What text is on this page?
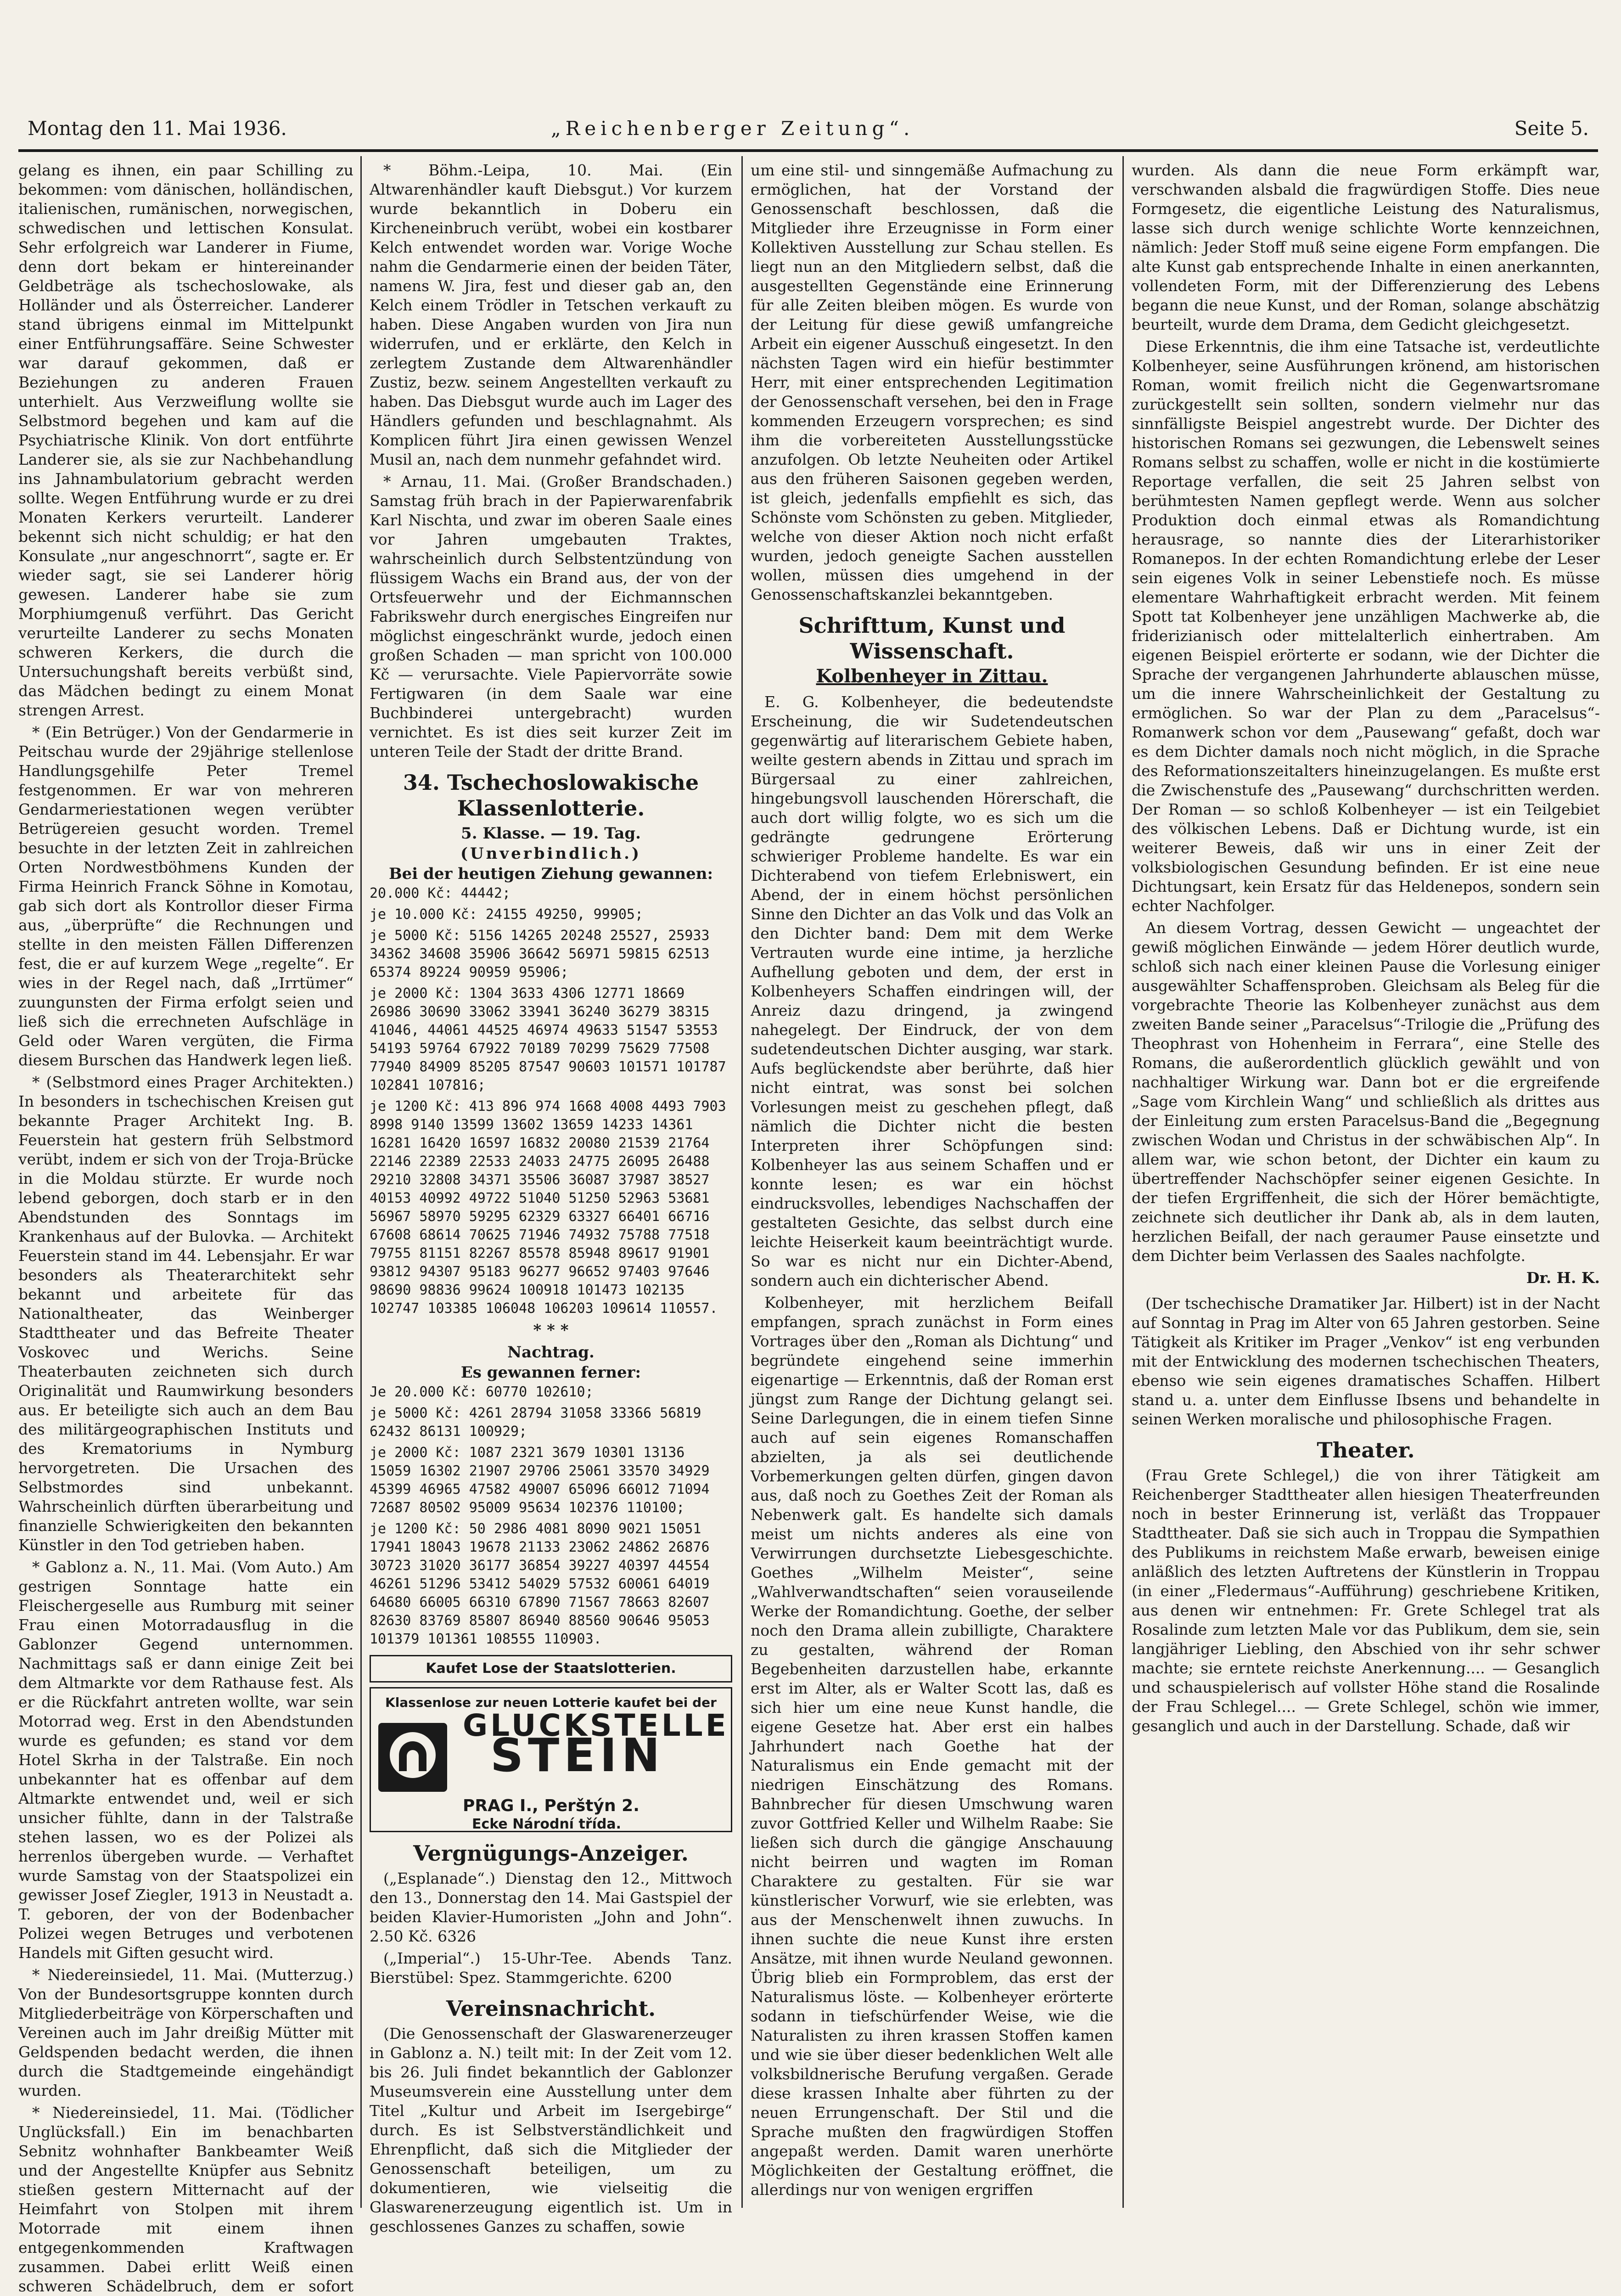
Montag den 11. Mai 1936.	„Reichenberger Zeitung“.	Seite 5.

gelang es ihnen, ein paar Schilling zu bekommen: vom dänischen, holländischen, italienischen, rumänischen, norwegischen, schwedischen und lettischen Konsulat. Sehr erfolgreich war Landerer in Fiume, denn dort bekam er hintereinander Geldbeträge als tschechoslowake, als Holländer und als Österreicher. Landerer stand übrigens einmal im Mittelpunkt einer Entführungsaffäre. Seine Schwester war darauf gekommen, daß er Beziehungen zu anderen Frauen unterhielt. Aus Verzweiflung wollte sie Selbstmord begehen und kam auf die Psychiatrische Klinik. Von dort entführte Landerer sie, als sie zur Nachbehandlung ins Jahnambulatorium gebracht werden sollte. Wegen Entführung wurde er zu drei Monaten Kerkers verurteilt. Landerer bekennt sich nicht schuldig; er hat den Konsulate „nur angeschnorrt“, sagte er. Er wieder sagt, sie sei Landerer hörig gewesen. Landerer habe sie zum Morphiumgenuß verführt. Das Gericht verurteilte Landerer zu sechs Monaten schweren Kerkers, die durch die Untersuchungshaft bereits verbüßt sind, das Mädchen bedingt zu einem Monat strengen Arrest.

* (Ein Betrüger.) Von der Gendarmerie in Peitschau wurde der 29jährige stellenlose Handlungsgehilfe Peter Tremel festgenommen. Er war von mehreren Gendarmeriestationen wegen verübter Betrügereien gesucht worden. Tremel besuchte in der letzten Zeit in zahlreichen Orten Nordwestböhmens Kunden der Firma Heinrich Franck Söhne in Komotau, gab sich dort als Kontrollor dieser Firma aus, „überprüfte“ die Rechnungen und stellte in den meisten Fällen Differenzen fest, die er auf kurzem Wege „regelte“. Er wies in der Regel nach, daß „Irrtümer“ zuungunsten der Firma erfolgt seien und ließ sich die errechneten Aufschläge in Geld oder Waren vergüten, die Firma diesem Burschen das Handwerk legen ließ.

* (Selbstmord eines Prager Architekten.) In besonders in tschechischen Kreisen gut bekannte Prager Architekt Ing. B. Feuerstein hat gestern früh Selbstmord verübt, indem er sich von der Troja-Brücke in die Moldau stürzte. Er wurde noch lebend geborgen, doch starb er in den Abendstunden des Sonntags im Krankenhaus auf der Bulovka. — Architekt Feuerstein stand im 44. Lebensjahr. Er war besonders als Theaterarchitekt sehr bekannt und arbeitete für das Nationaltheater, das Weinberger Stadttheater und das Befreite Theater Voskovec und Werichs. Seine Theaterbauten zeichneten sich durch Originalität und Raumwirkung besonders aus. Er beteiligte sich auch an dem Bau des militärgeographischen Instituts und des Krematoriums in Nymburg hervorgetreten. Die Ursachen des Selbstmordes sind unbekannt. Wahrscheinlich dürften überarbeitung und finanzielle Schwierigkeiten den bekannten Künstler in den Tod getrieben haben.

* Gablonz a. N., 11. Mai. (Vom Auto.) Am gestrigen Sonntage hatte ein Fleischergeselle aus Rumburg mit seiner Frau einen Motorradausflug in die Gablonzer Gegend unternommen. Nachmittags saß er dann einige Zeit bei dem Altmarkte vor dem Rathause fest. Als er die Rückfahrt antreten wollte, war sein Motorrad weg. Erst in den Abendstunden wurde es gefunden; es stand vor dem Hotel Skrha in der Talstraße. Ein noch unbekannter hat es offenbar auf dem Altmarkte entwendet und, weil er sich unsicher fühlte, dann in der Talstraße stehen lassen, wo es der Polizei als herrenlos übergeben wurde. — Verhaftet wurde Samstag von der Staatspolizei ein gewisser Josef Ziegler, 1913 in Neustadt a. T. geboren, der von der Bodenbacher Polizei wegen Betruges und verbotenen Handels mit Giften gesucht wird.

* Niedereinsiedel, 11. Mai. (Mutterzug.) Von der Bundesortsgruppe konnten durch Mitgliederbeiträge von Körperschaften und Vereinen auch im Jahr dreißig Mütter mit Geldspenden bedacht werden, die ihnen durch die Stadtgemeinde eingehändigt wurden.

* Niedereinsiedel, 11. Mai. (Tödlicher Unglücksfall.) Ein im benachbarten Sebnitz wohnhafter Bankbeamter Weiß und der Angestellte Knüpfer aus Sebnitz stießen gestern Mitternacht auf der Heimfahrt von Stolpen mit ihrem Motorrade mit einem ihnen entgegenkommenden Kraftwagen zusammen. Dabei erlitt Weiß einen schweren Schädelbruch, dem er sofort

* Böhm.-Leipa, 10. Mai. (Ein Altwarenhändler kauft Diebsgut.) Vor kurzem wurde bekanntlich in Doberu ein Kircheneinbruch verübt, wobei ein kostbarer Kelch entwendet worden war. Vorige Woche nahm die Gendarmerie einen der beiden Täter, namens W. Jira, fest und dieser gab an, den Kelch einem Trödler in Tetschen verkauft zu haben. Diese Angaben wurden von Jira nun widerrufen, und er erklärte, den Kelch in zerlegtem Zustande dem Altwarenhändler Zustiz, bezw. seinem Angestellten verkauft zu haben. Das Diebsgut wurde auch im Lager des Händlers gefunden und beschlagnahmt. Als Komplicen führt Jira einen gewissen Wenzel Musil an, nach dem nunmehr gefahndet wird.

* Arnau, 11. Mai. (Großer Brandschaden.) Samstag früh brach in der Papierwarenfabrik Karl Nischta, und zwar im oberen Saale eines vor Jahren umgebauten Traktes, wahrscheinlich durch Selbstentzündung von flüssigem Wachs ein Brand aus, der von der Ortsfeuerwehr und der Eichmannschen Fabrikswehr durch energisches Eingreifen nur möglichst eingeschränkt wurde, jedoch einen großen Schaden — man spricht von 100.000 Kč — verursachte. Viele Papiervorräte sowie Fertigwaren (in dem Saale war eine Buchbinderei untergebracht) wurden vernichtet. Es ist dies seit kurzer Zeit im unteren Teile der Stadt der dritte Brand.

34. Tschechoslowakische Klassenlotterie.
5. Klasse. — 19. Tag.
(Unverbindlich.)
Bei der heutigen Ziehung gewannen:

20.000 Kč: 44442;

je 10.000 Kč: 24155 49250, 99905;

je 5000 Kč: 5156 14265 20248 25527, 25933 34362 34608 35906 36642 56971 59815 62513 65374 89224 90959 95906;

je 2000 Kč: 1304 3633 4306 12771 18669 26986 30690 33062 33941 36240 36279 38315 41046, 44061 44525 46974 49633 51547 53553 54193 59764 67922 70189 70299 75629 77508 77940 84909 85205 87547 90603 101571 101787 102841 107816;

je 1200 Kč: 413 896 974 1668 4008 4493 7903 8998 9140 13599 13602 13659 14233 14361 16281 16420 16597 16832 20080 21539 21764 22146 22389 22533 24033 24775 26095 26488 29210 32808 34371 35506 36087 37987 38527 40153 40992 49722 51040 51250 52963 53681 56967 58970 59295 62329 63327 66401 66716 67608 68614 70625 71946 74932 75788 77518 79755 81151 82267 85578 85948 89617 91901 93812 94307 95183 96277 96652 97403 97646 98690 98836 99624 100918 101473 102135 102747 103385 106048 106203 109614 110557.

* * *
Nachtrag.
Es gewannen ferner:

Je 20.000 Kč: 60770 102610;

je 5000 Kč: 4261 28794 31058 33366 56819 62432 86131 100929;

je 2000 Kč: 1087 2321 3679 10301 13136 15059 16302 21907 29706 25061 33570 34929 45399 46965 47582 49007 65096 66012 71094 72687 80502 95009 95634 102376 110100;

je 1200 Kč: 50 2986 4081 8090 9021 15051 17941 18043 19678 21133 23062 24862 26876 30723 31020 36177 36854 39227 40397 44554 46261 51296 53412 54029 57532 60061 64019 64680 66005 66310 67890 71567 78663 82607 82630 83769 85807 86940 88560 90646 95053 101379 101361 108555 110903.

Kaufet Lose der Staatslotterien.
Klassenlose zur neuen Lotterie kaufet bei der
GLUCKSTELLE
STEIN
PRAG I., Perštýn 2.
Ecke Národní třída.
Vergnügungs-Anzeiger.

(„Esplanade“.) Dienstag den 12., Mittwoch den 13., Donnerstag den 14. Mai Gastspiel der beiden Klavier-Humoristen „John and John“. 2.50 Kč. 6326

(„Imperial“.) 15-Uhr-Tee. Abends Tanz. Bierstübel: Spez. Stammgerichte. 6200

Vereinsnachricht.

(Die Genossenschaft der Glaswarenerzeuger in Gablonz a. N.) teilt mit: In der Zeit vom 12. bis 26. Juli findet bekanntlich der Gablonzer Museumsverein eine Ausstellung unter dem Titel „Kultur und Arbeit im Isergebirge“ durch. Es ist Selbstverständlichkeit und Ehrenpflicht, daß sich die Mitglieder der Genossenschaft beteiligen, um zu dokumentieren, wie vielseitig die Glaswarenerzeugung eigentlich ist. Um in geschlossenes Ganzes zu schaffen, sowie

um eine stil- und sinngemäße Aufmachung zu ermöglichen, hat der Vorstand der Genossenschaft beschlossen, daß die Mitglieder ihre Erzeugnisse in Form einer Kollektiven Ausstellung zur Schau stellen. Es liegt nun an den Mitgliedern selbst, daß die ausgestellten Gegenstände eine Erinnerung für alle Zeiten bleiben mögen. Es wurde von der Leitung für diese gewiß umfangreiche Arbeit ein eigener Ausschuß eingesetzt. In den nächsten Tagen wird ein hiefür bestimmter Herr, mit einer entsprechenden Legitimation der Genossenschaft versehen, bei den in Frage kommenden Erzeugern vorsprechen; es sind ihm die vorbereiteten Ausstellungsstücke anzufolgen. Ob letzte Neuheiten oder Artikel aus den früheren Saisonen gegeben werden, ist gleich, jedenfalls empfiehlt es sich, das Schönste vom Schönsten zu geben. Mitglieder, welche von dieser Aktion noch nicht erfaßt wurden, jedoch geneigte Sachen ausstellen wollen, müssen dies umgehend in der Genossenschaftskanzlei bekanntgeben.

Schrifttum, Kunst und Wissenschaft.
Kolbenheyer in Zittau.

E. G. Kolbenheyer, die bedeutendste Erscheinung, die wir Sudetendeutschen gegenwärtig auf literarischem Gebiete haben, weilte gestern abends in Zittau und sprach im Bürgersaal zu einer zahlreichen, hingebungsvoll lauschenden Hörerschaft, die auch dort willig folgte, wo es sich um die gedrängte gedrungene Erörterung schwieriger Probleme handelte. Es war ein Dichterabend von tiefem Erlebniswert, ein Abend, der in einem höchst persönlichen Sinne den Dichter an das Volk und das Volk an den Dichter band: Dem mit dem Werke Vertrauten wurde eine intime, ja herzliche Aufhellung geboten und dem, der erst in Kolbenheyers Schaffen eindringen will, der Anreiz dazu dringend, ja zwingend nahegelegt. Der Eindruck, der von dem sudetendeutschen Dichter ausging, war stark. Aufs beglückendste aber berührte, daß hier nicht eintrat, was sonst bei solchen Vorlesungen meist zu geschehen pflegt, daß nämlich die Dichter nicht die besten Interpreten ihrer Schöpfungen sind: Kolbenheyer las aus seinem Schaffen und er konnte lesen; es war ein höchst eindrucksvolles, lebendiges Nachschaffen der gestalteten Gesichte, das selbst durch eine leichte Heiserkeit kaum beeinträchtigt wurde. So war es nicht nur ein Dichter-Abend, sondern auch ein dichterischer Abend.

Kolbenheyer, mit herzlichem Beifall empfangen, sprach zunächst in Form eines Vortrages über den „Roman als Dichtung“ und begründete eingehend seine immerhin eigenartige — Erkenntnis, daß der Roman erst jüngst zum Range der Dichtung gelangt sei. Seine Darlegungen, die in einem tiefen Sinne auch auf sein eigenes Romanschaffen abzielten, ja als sei deutlichende Vorbemerkungen gelten dürfen, gingen davon aus, daß noch zu Goethes Zeit der Roman als Nebenwerk galt. Es handelte sich damals meist um nichts anderes als eine von Verwirrungen durchsetzte Liebesgeschichte. Goethes „Wilhelm Meister“, seine „Wahlverwandtschaften“ seien vorauseilende Werke der Romandichtung. Goethe, der selber noch den Drama allein zubilligte, Charaktere zu gestalten, während der Roman Begebenheiten darzustellen habe, erkannte erst im Alter, als er Walter Scott las, daß es sich hier um eine neue Kunst handle, die eigene Gesetze hat. Aber erst ein halbes Jahrhundert nach Goethe hat der Naturalismus ein Ende gemacht mit der niedrigen Einschätzung des Romans. Bahnbrecher für diesen Umschwung waren zuvor Gottfried Keller und Wilhelm Raabe: Sie ließen sich durch die gängige Anschauung nicht beirren und wagten im Roman Charaktere zu gestalten. Für sie war künstlerischer Vorwurf, wie sie erlebten, was aus der Menschenwelt ihnen zuwuchs. In ihnen suchte die neue Kunst ihre ersten Ansätze, mit ihnen wurde Neuland gewonnen. Übrig blieb ein Formproblem, das erst der Naturalismus löste. — Kolbenheyer erörterte sodann in tiefschürfender Weise, wie die Naturalisten zu ihren krassen Stoffen kamen und wie sie über dieser bedenklichen Welt alle volksbildnerische Berufung vergaßen. Gerade diese krassen Inhalte aber führten zu der neuen Errungenschaft. Der Stil und die Sprache mußten den fragwürdigen Stoffen angepaßt werden. Damit waren unerhörte Möglichkeiten der Gestaltung eröffnet, die allerdings nur von wenigen ergriffen

wurden. Als dann die neue Form erkämpft war, verschwanden alsbald die fragwürdigen Stoffe. Dies neue Formgesetz, die eigentliche Leistung des Naturalismus, lasse sich durch wenige schlichte Worte kennzeichnen, nämlich: Jeder Stoff muß seine eigene Form empfangen. Die alte Kunst gab entsprechende Inhalte in einen anerkannten, vollendeten Form, mit der Differenzierung des Lebens begann die neue Kunst, und der Roman, solange abschätzig beurteilt, wurde dem Drama, dem Gedicht gleichgesetzt.

Diese Erkenntnis, die ihm eine Tatsache ist, verdeutlichte Kolbenheyer, seine Ausführungen krönend, am historischen Roman, womit freilich nicht die Gegenwartsromane zurückgestellt sein sollten, sondern vielmehr nur das sinnfälligste Beispiel angestrebt wurde. Der Dichter des historischen Romans sei gezwungen, die Lebenswelt seines Romans selbst zu schaffen, wolle er nicht in die kostümierte Reportage verfallen, die seit 25 Jahren selbst von berühmtesten Namen gepflegt werde. Wenn aus solcher Produktion doch einmal etwas als Romandichtung herausrage, so nannte dies der Literarhistoriker Romanepos. In der echten Romandichtung erlebe der Leser sein eigenes Volk in seiner Lebenstiefe noch. Es müsse elementare Wahrhaftigkeit erbracht werden. Mit feinem Spott tat Kolbenheyer jene unzähligen Machwerke ab, die friderizianisch oder mittelalterlich einhertraben. Am eigenen Beispiel erörterte er sodann, wie der Dichter die Sprache der vergangenen Jahrhunderte ablauschen müsse, um die innere Wahrscheinlichkeit der Gestaltung zu ermöglichen. So war der Plan zu dem „Paracelsus“-Romanwerk schon vor dem „Pausewang“ gefaßt, doch war es dem Dichter damals noch nicht möglich, in die Sprache des Reformationszeitalters hineinzugelangen. Es mußte erst die Zwischenstufe des „Pausewang“ durchschritten werden. Der Roman — so schloß Kolbenheyer — ist ein Teilgebiet des völkischen Lebens. Daß er Dichtung wurde, ist ein weiterer Beweis, daß wir uns in einer Zeit der volksbiologischen Gesundung befinden. Er ist eine neue Dichtungsart, kein Ersatz für das Heldenepos, sondern sein echter Nachfolger.

An diesem Vortrag, dessen Gewicht — ungeachtet der gewiß möglichen Einwände — jedem Hörer deutlich wurde, schloß sich nach einer kleinen Pause die Vorlesung einiger ausgewählter Schaffensproben. Gleichsam als Beleg für die vorgebrachte Theorie las Kolbenheyer zunächst aus dem zweiten Bande seiner „Paracelsus“-Trilogie die „Prüfung des Theophrast von Hohenheim in Ferrara“, eine Stelle des Romans, die außerordentlich glücklich gewählt und von nachhaltiger Wirkung war. Dann bot er die ergreifende „Sage vom Kirchlein Wang“ und schließlich als drittes aus der Einleitung zum ersten Paracelsus-Band die „Begegnung zwischen Wodan und Christus in der schwäbischen Alp“. In allem war, wie schon betont, der Dichter ein kaum zu übertreffender Nachschöpfer seiner eigenen Gesichte. In der tiefen Ergriffenheit, die sich der Hörer bemächtigte, zeichnete sich deutlicher ihr Dank ab, als in dem lauten, herzlichen Beifall, der nach geraumer Pause einsetzte und dem Dichter beim Verlassen des Saales nachfolgte.

Dr. H. K.

(Der tschechische Dramatiker Jar. Hilbert) ist in der Nacht auf Sonntag in Prag im Alter von 65 Jahren gestorben. Seine Tätigkeit als Kritiker im Prager „Venkov“ ist eng verbunden mit der Entwicklung des modernen tschechischen Theaters, ebenso wie sein eigenes dramatisches Schaffen. Hilbert stand u. a. unter dem Einflusse Ibsens und behandelte in seinen Werken moralische und philosophische Fragen.

Theater.

(Frau Grete Schlegel,) die von ihrer Tätigkeit am Reichenberger Stadttheater allen hiesigen Theaterfreunden noch in bester Erinnerung ist, verläßt das Troppauer Stadttheater. Daß sie sich auch in Troppau die Sympathien des Publikums in reichstem Maße erwarb, beweisen einige anläßlich des letzten Auftretens der Künstlerin in Troppau (in einer „Fledermaus“-Aufführung) geschriebene Kritiken, aus denen wir entnehmen: Fr. Grete Schlegel trat als Rosalinde zum letzten Male vor das Publikum, dem sie, sein langjähriger Liebling, den Abschied von ihr sehr schwer machte; sie erntete reichste Anerkennung.... — Gesanglich und schauspielerisch auf vollster Höhe stand die Rosalinde der Frau Schlegel.... — Grete Schlegel, schön wie immer, gesanglich und auch in der Darstellung. Schade, daß wir
